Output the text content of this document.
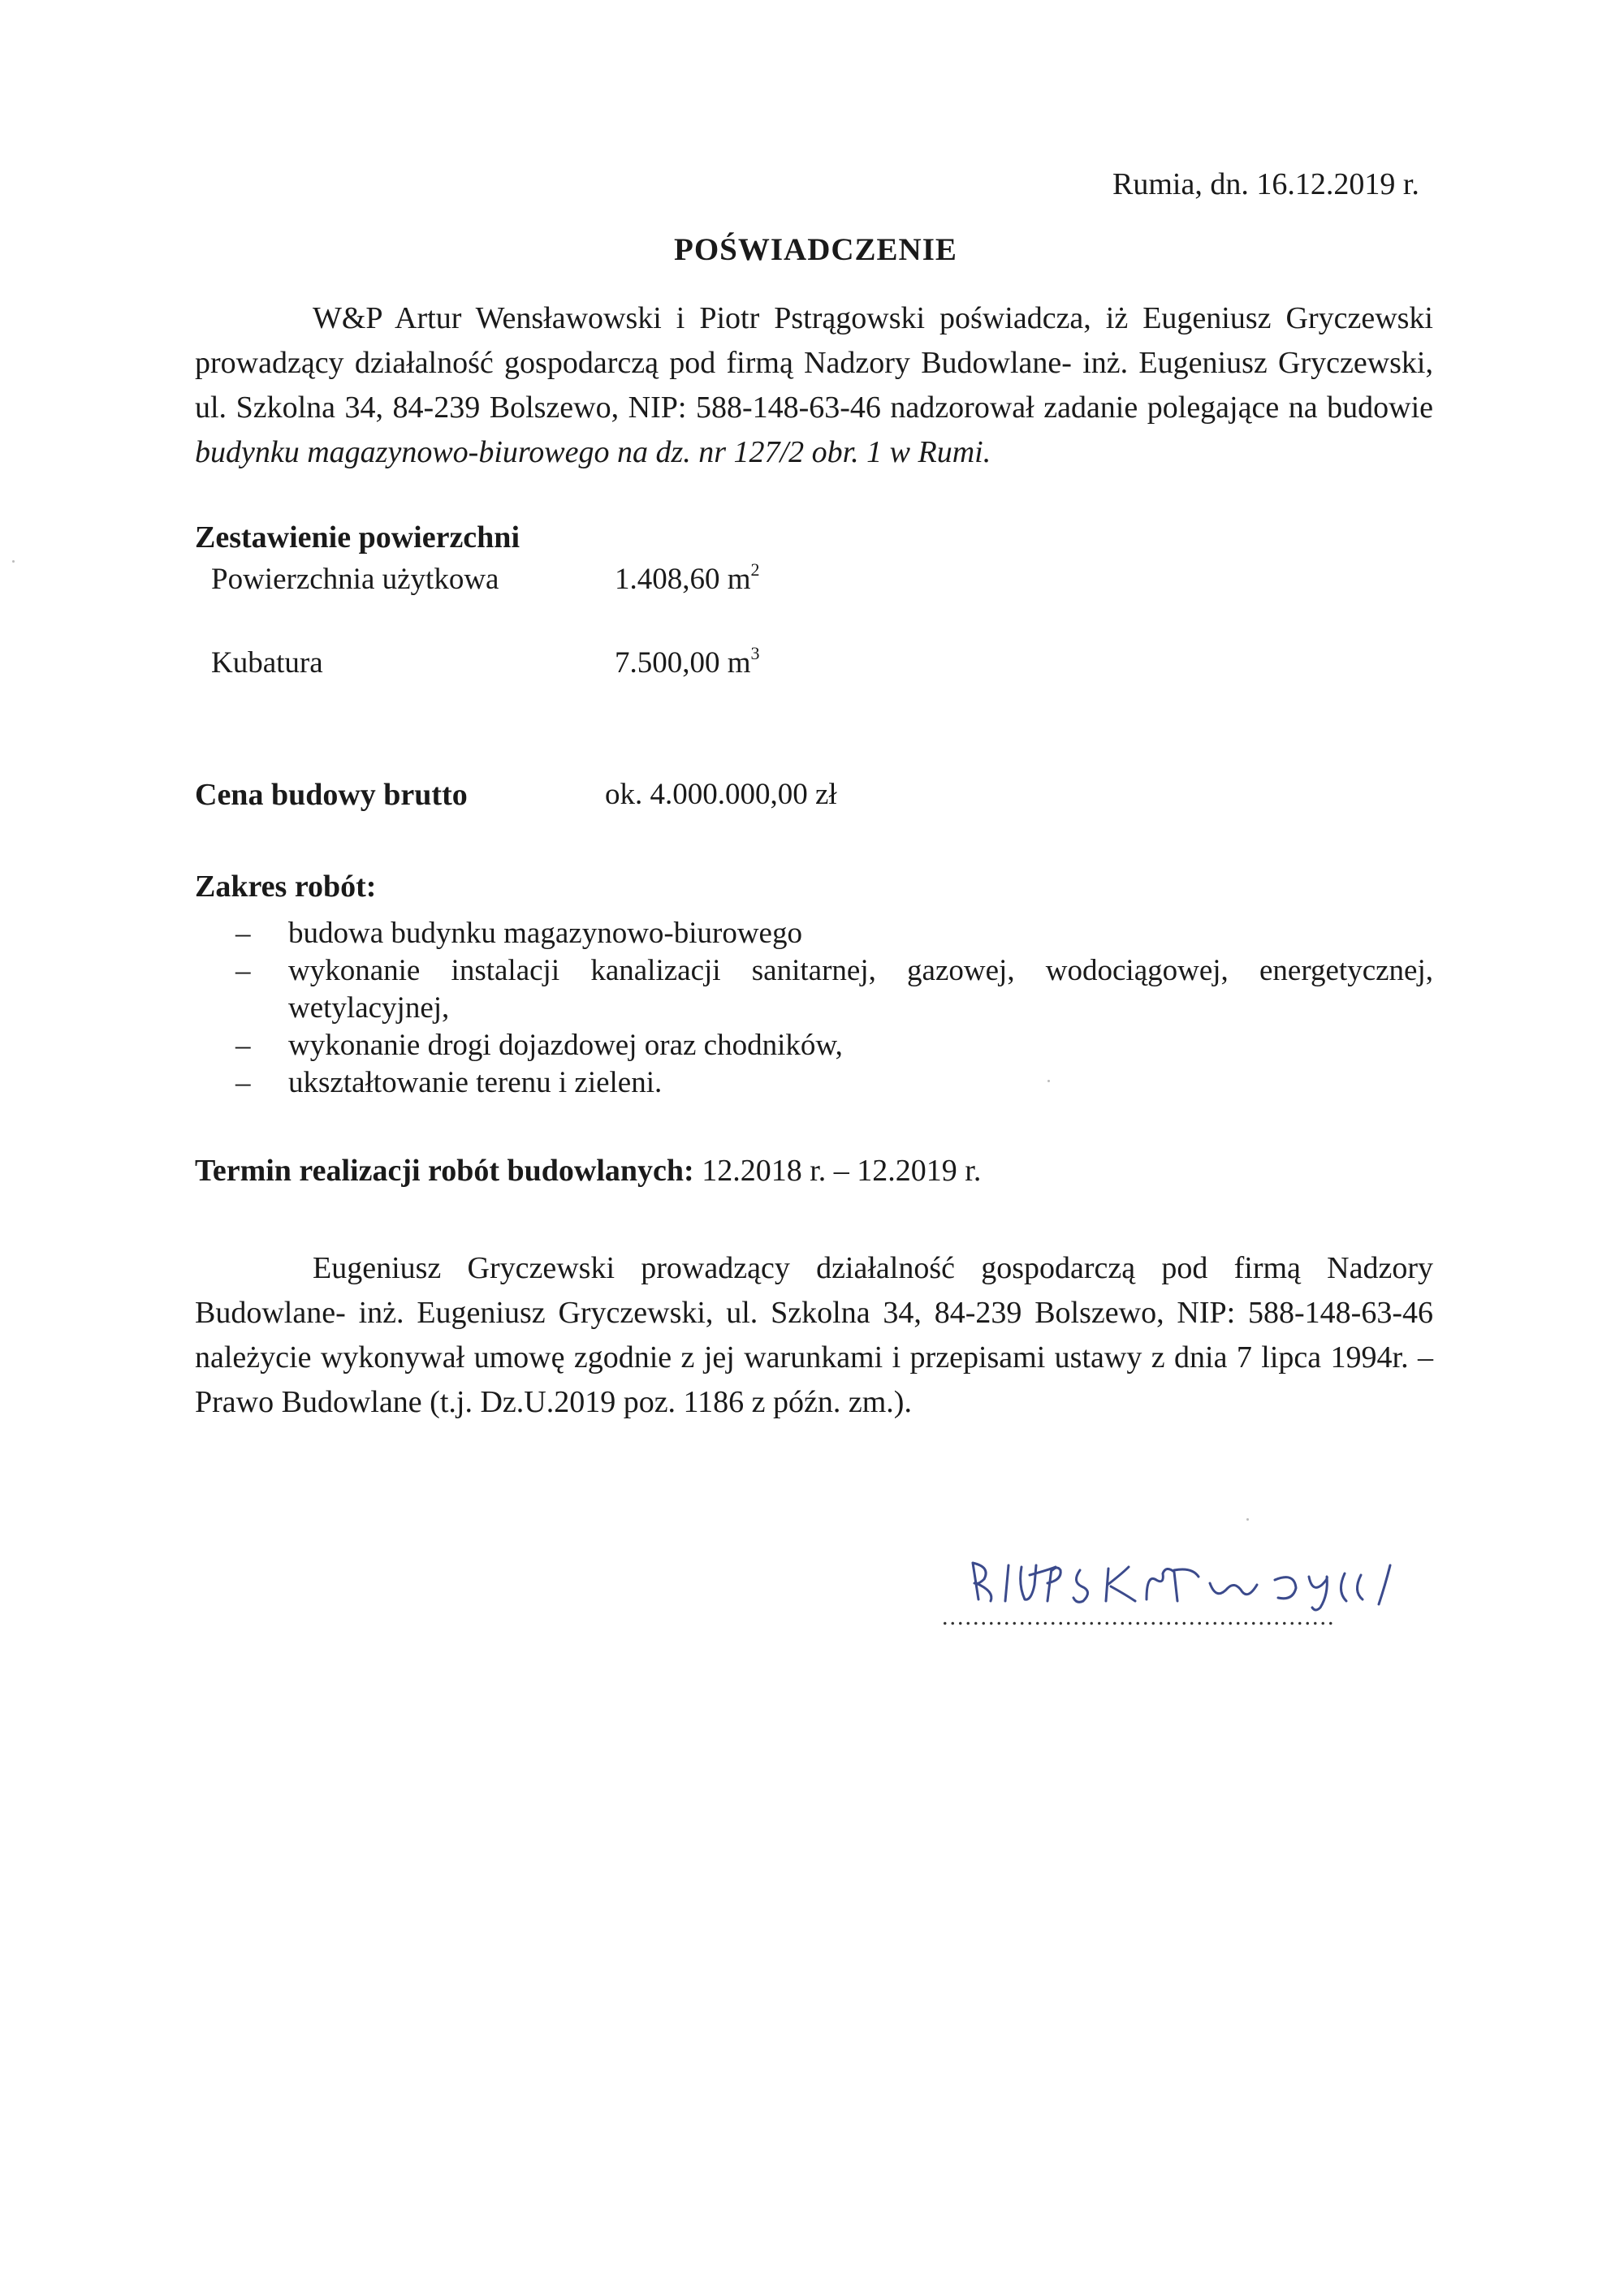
Rumia, dn. 16.12.2019 r.
POŚWIADCZENIE

W&P Artur Wensławowski i Piotr Pstrągowski poświadcza, iż Eugeniusz Gryczewski prowadzący działalność gospodarczą pod firmą Nadzory Budowlane- inż. Eugeniusz Gryczewski, ul. Szkolna 34, 84-239 Bolszewo, NIP: 588-148-63-46 nadzorował zadanie polegające na budowie budynku magazynowo-biurowego na dz. nr 127/2 obr. 1 w Rumi.

Zestawienie powierzchni
Powierzchnia użytkowa	1.408,60 $m^2$
Kubatura	7.500,00 $m^3$
Cena budowy brutto	ok. 4.000.000,00 zł
Zakres robót:
– budowa budynku magazynowo-biurowego
– wykonanie instalacji kanalizacji sanitarnej, gazowej, wodociągowej, energetycznej, wetylacyjnej,
– wykonanie drogi dojazdowej oraz chodników,
– ukształtowanie terenu i zieleni.
Termin realizacji robót budowlanych: 12.2018 r. – 12.2019 r.

Eugeniusz Gryczewski prowadzący działalność gospodarczą pod firmą Nadzory Budowlane- inż. Eugeniusz Gryczewski, ul. Szkolna 34, 84-239 Bolszewo, NIP: 588-148-63-46 należycie wykonywał umowę zgodnie z jej warunkami i przepisami ustawy z dnia 7 lipca 1994r. – Prawo Budowlane (t.j. Dz.U.2019 poz. 1186 z późn. zm.).

...................................................
